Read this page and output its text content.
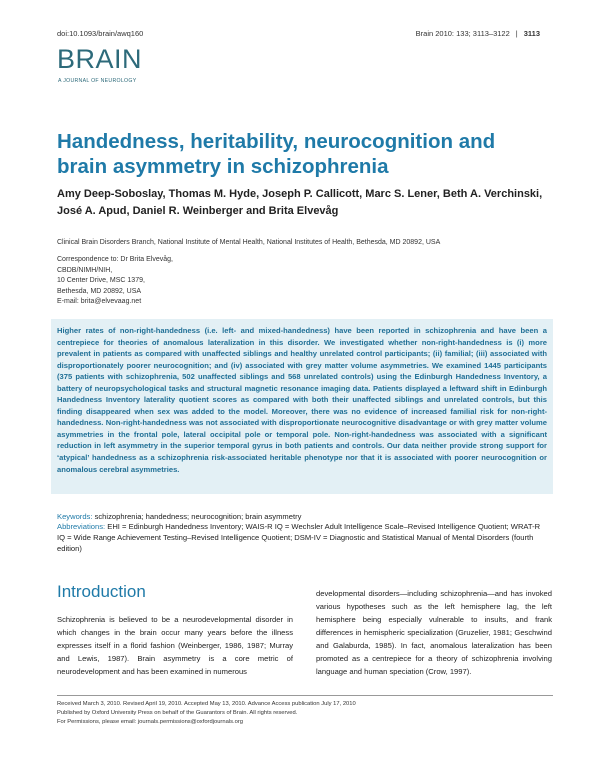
doi:10.1093/brain/awq160	Brain 2010: 133; 3113–3122 | 3113
BRAIN
A JOURNAL OF NEUROLOGY
Handedness, heritability, neurocognition and brain asymmetry in schizophrenia
Amy Deep-Soboslay, Thomas M. Hyde, Joseph P. Callicott, Marc S. Lener, Beth A. Verchinski, José A. Apud, Daniel R. Weinberger and Brita Elvevåg
Clinical Brain Disorders Branch, National Institute of Mental Health, National Institutes of Health, Bethesda, MD 20892, USA
Correspondence to: Dr Brita Elvevåg,
CBDB/NIMH/NIH,
10 Center Drive, MSC 1379,
Bethesda, MD 20892, USA
E-mail: brita@elvevaag.net

Higher rates of non-right-handedness (i.e. left- and mixed-handedness) have been reported in schizophrenia and have been a centrepiece for theories of anomalous lateralization in this disorder. We investigated whether non-right-handedness is (i) more prevalent in patients as compared with unaffected siblings and healthy unrelated control participants; (ii) familial; (iii) associated with disproportionately poorer neurocognition; and (iv) associated with grey matter volume asymmetries. We examined 1445 participants (375 patients with schizophrenia, 502 unaffected siblings and 568 unrelated controls) using the Edinburgh Handedness Inventory, a battery of neuropsychological tasks and structural magnetic resonance imaging data. Patients displayed a leftward shift in Edinburgh Handedness Inventory laterality quotient scores as compared with both their unaffected siblings and unrelated controls, but this finding disappeared when sex was added to the model. Moreover, there was no evidence of increased familial risk for non-right-handedness. Non-right-handedness was not associated with disproportionate neurocognitive disadvantage or with grey matter volume asymmetries in the frontal pole, lateral occipital pole or temporal pole. Non-right-handedness was associated with a significant reduction in left asymmetry in the superior temporal gyrus in both patients and controls. Our data neither provide strong support for ‘atypical’ handedness as a schizophrenia risk-associated heritable phenotype nor that it is associated with poorer neurocognition or anomalous cerebral asymmetries.

Keywords: schizophrenia; handedness; neurocognition; brain asymmetry
Abbreviations: EHI = Edinburgh Handedness Inventory; WAIS-R IQ = Wechsler Adult Intelligence Scale–Revised Intelligence Quotient; WRAT-R IQ = Wide Range Achievement Testing–Revised Intelligence Quotient; DSM-IV = Diagnostic and Statistical Manual of Mental Disorders (fourth edition)
Introduction
Schizophrenia is believed to be a neurodevelopmental disorder in which changes in the brain occur many years before the illness expresses itself in a florid fashion (Weinberger, 1986, 1987; Murray and Lewis, 1987). Brain asymmetry is a core metric of neurodevelopment and has been examined in numerous
developmental disorders—including schizophrenia—and has invoked various hypotheses such as the left hemisphere lag, the left hemisphere being especially vulnerable to insults, and frank differences in hemispheric specialization (Gruzelier, 1981; Geschwind and Galaburda, 1985). In fact, anomalous lateralization has been promoted as a centrepiece for a theory of schizophrenia involving language and human speciation (Crow, 1997).
Received March 3, 2010. Revised April 19, 2010. Accepted May 13, 2010. Advance Access publication July 17, 2010
Published by Oxford University Press on behalf of the Guarantors of Brain. All rights reserved.
For Permissions, please email: journals.permissions@oxfordjournals.org
